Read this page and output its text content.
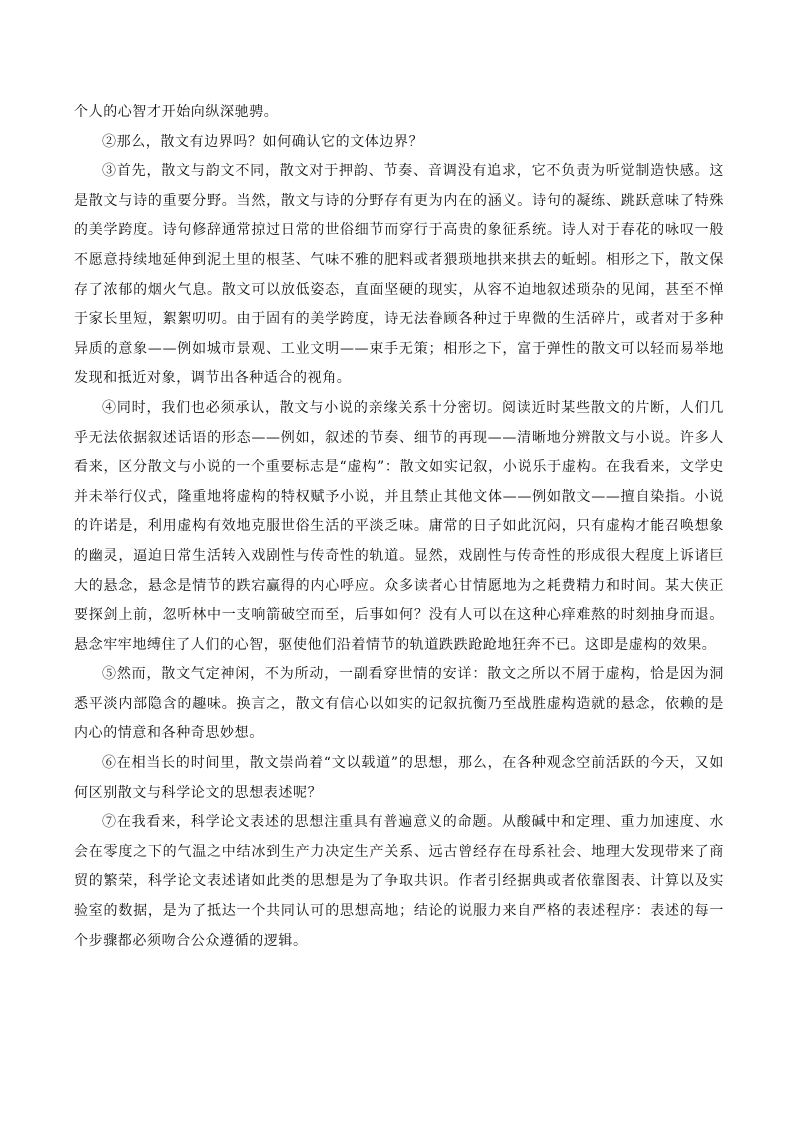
个人的心智才开始向纵深驰骋。

②那么，散文有边界吗？如何确认它的文体边界？

③首先，散文与韵文不同，散文对于押韵、节奏、音调没有追求，它不负责为听觉制造快感。这是散文与诗的重要分野。当然，散文与诗的分野存有更为内在的涵义。诗句的凝练、跳跃意味了特殊的美学跨度。诗句修辞通常掠过日常的世俗细节而穿行于高贵的象征系统。诗人对于春花的咏叹一般不愿意持续地延伸到泥土里的根茎、气味不雅的肥料或者猥琐地拱来拱去的蚯蚓。相形之下，散文保存了浓郁的烟火气息。散文可以放低姿态，直面坚硬的现实，从容不迫地叙述琐杂的见闻，甚至不惮于家长里短，絮絮叨叨。由于固有的美学跨度，诗无法眷顾各种过于卑微的生活碎片，或者对于多种异质的意象——例如城市景观、工业文明——束手无策；相形之下，富于弹性的散文可以轻而易举地发现和抵近对象，调节出各种适合的视角。

④同时，我们也必须承认，散文与小说的亲缘关系十分密切。阅读近时某些散文的片断，人们几乎无法依据叙述话语的形态——例如，叙述的节奏、细节的再现——清晰地分辨散文与小说。许多人看来，区分散文与小说的一个重要标志是“虚构”：散文如实记叙，小说乐于虚构。在我看来，文学史并未举行仪式，隆重地将虚构的特权赋予小说，并且禁止其他文体——例如散文——擅自染指。小说的许诺是，利用虚构有效地克服世俗生活的平淡乏味。庸常的日子如此沉闷，只有虚构才能召唤想象的幽灵，逼迫日常生活转入戏剧性与传奇性的轨道。显然，戏剧性与传奇性的形成很大程度上诉诸巨大的悬念，悬念是情节的跌宕赢得的内心呼应。众多读者心甘情愿地为之耗费精力和时间。某大侠正要探剑上前，忽听林中一支响箭破空而至，后事如何？没有人可以在这种心痒难熬的时刻抽身而退。悬念牢牢地缚住了人们的心智，驱使他们沿着情节的轨道跌跌跄跄地狂奔不已。这即是虚构的效果。

⑤然而，散文气定神闲，不为所动，一副看穿世情的安详：散文之所以不屑于虚构，恰是因为洞悉平淡内部隐含的趣味。换言之，散文有信心以如实的记叙抗衡乃至战胜虚构造就的悬念，依赖的是内心的情意和各种奇思妙想。

⑥在相当长的时间里，散文崇尚着“文以载道”的思想，那么，在各种观念空前活跃的今天，又如何区别散文与科学论文的思想表述呢？

⑦在我看来，科学论文表述的思想注重具有普遍意义的命题。从酸碱中和定理、重力加速度、水会在零度之下的气温之中结冰到生产力决定生产关系、远古曾经存在母系社会、地理大发现带来了商贸的繁荣，科学论文表述诸如此类的思想是为了争取共识。作者引经据典或者依靠图表、计算以及实验室的数据，是为了抵达一个共同认可的思想高地；结论的说服力来自严格的表述程序：表述的每一个步骤都必须吻合公众遵循的逻辑。
